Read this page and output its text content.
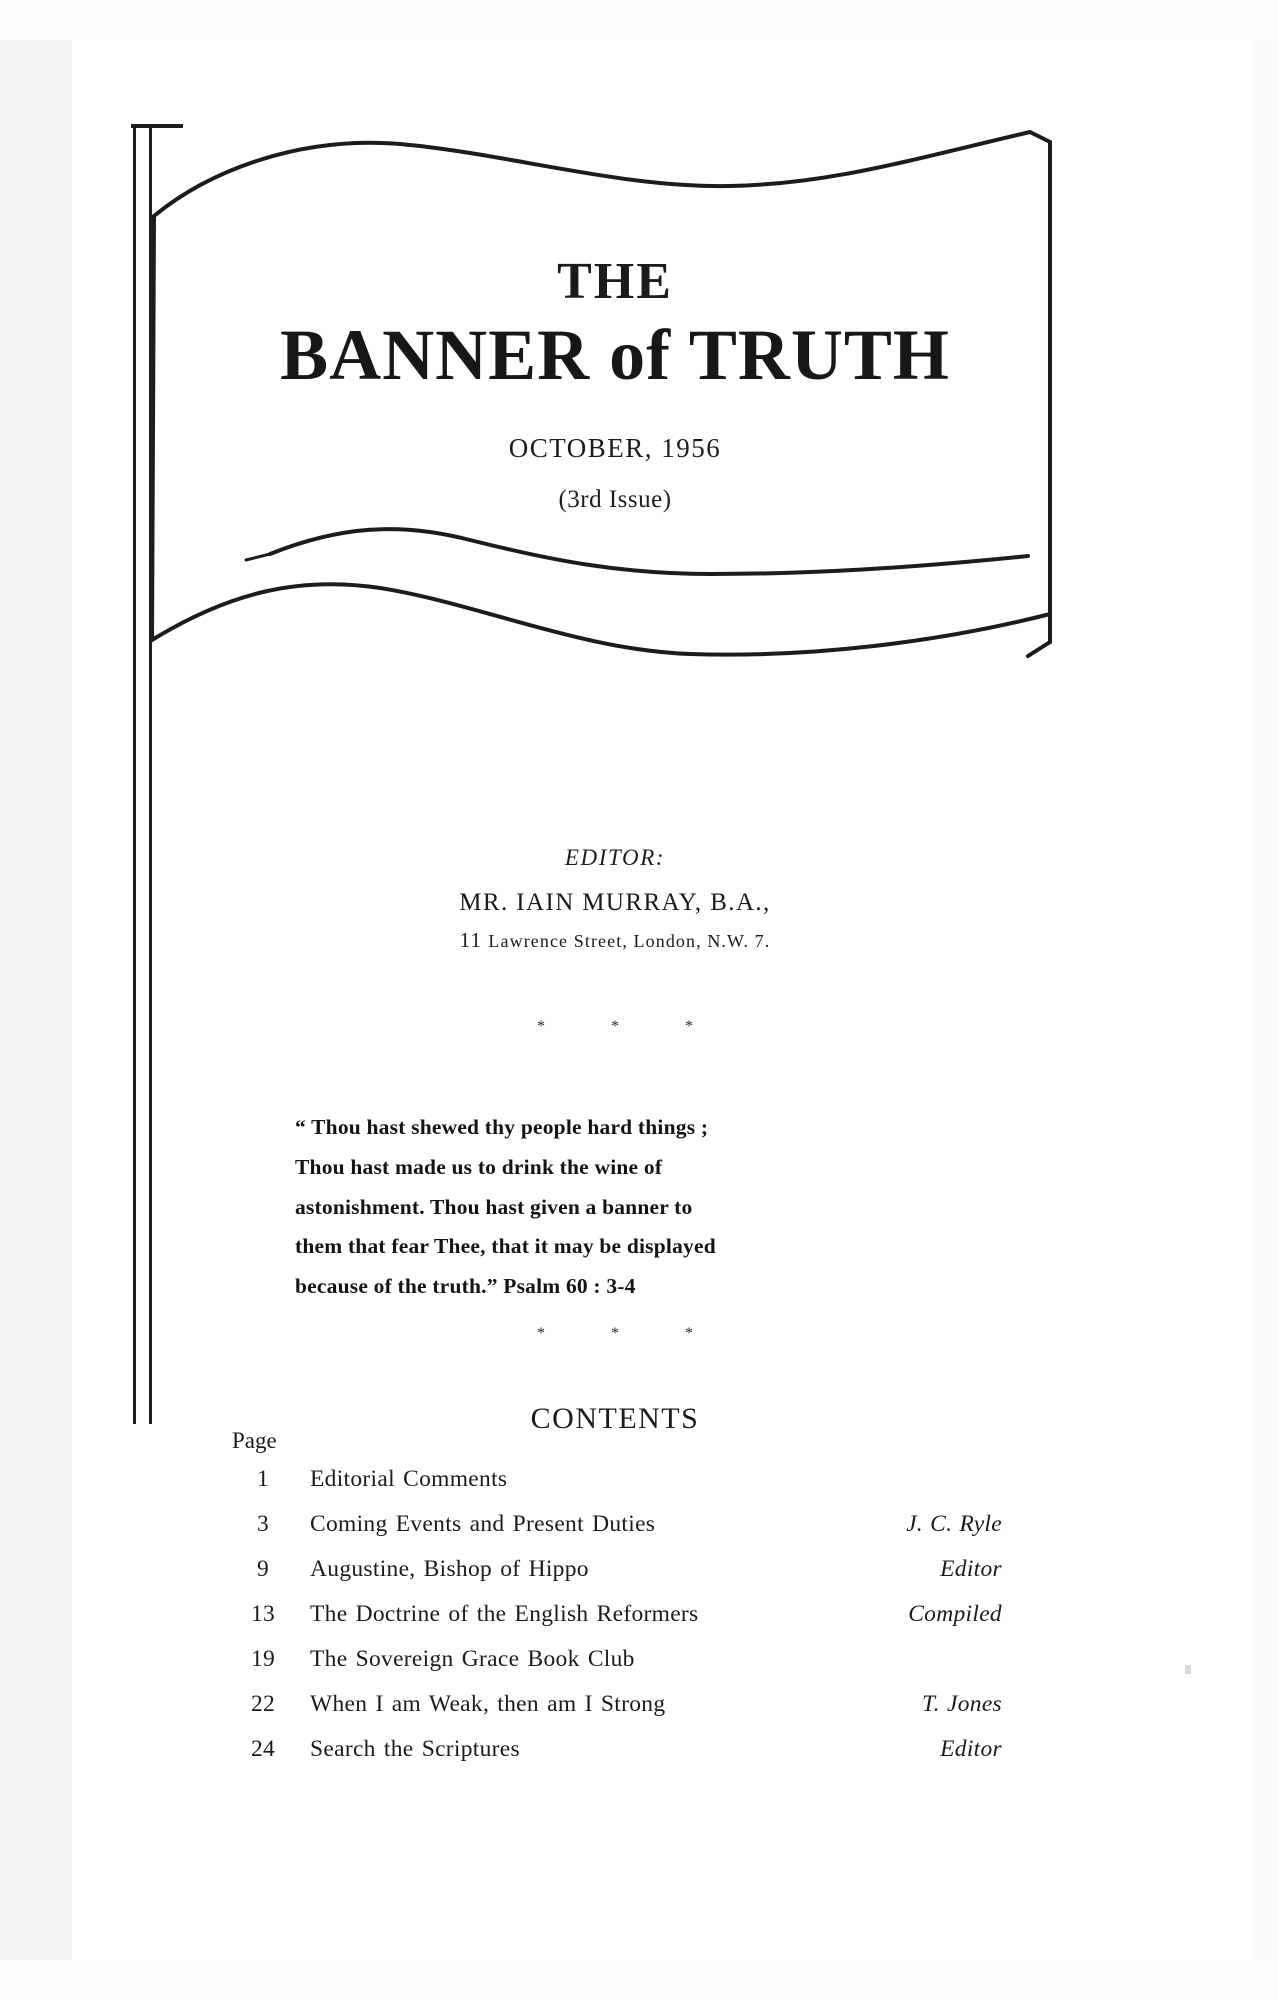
THE
BANNER of TRUTH
OCTOBER, 1956
(3rd Issue)
EDITOR:
MR. IAIN MURRAY, B.A.,
11 Lawrence Street, London, N.W. 7.
*	*	*
“ Thou hast shewed thy people hard things ;
Thou hast made us to drink the wine of
astonishment. Thou hast given a banner to
them that fear Thee, that it may be displayed
because of the truth.” Psalm 60 : 3-4
*	*	*
CONTENTS
Page
1	Editorial Comments
3	Coming Events and Present Duties	J. C. Ryle
9	Augustine, Bishop of Hippo	Editor
13	The Doctrine of the English Reformers	Compiled
19	The Sovereign Grace Book Club
22	When I am Weak, then am I Strong	T. Jones
24	Search the Scriptures	Editor
